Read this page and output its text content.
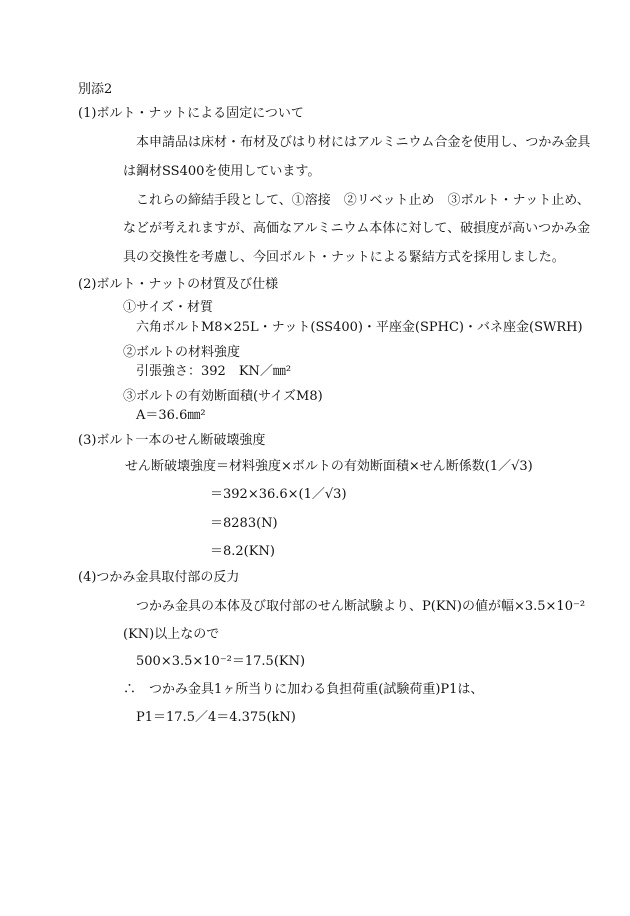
別添2
(1)ボルト・ナットによる固定について
　本申請品は床材・布材及びはり材にはアルミニウム合金を使用し、つかみ金具
は鋼材SS400を使用しています。
　これらの締結手段として、①溶接　②リベット止め　③ボルト・ナット止め、
などが考えれますが、高価なアルミニウム本体に対して、破損度が高いつかみ金
具の交換性を考慮し、今回ボルト・ナットによる緊結方式を採用しました。
(2)ボルト・ナットの材質及び仕様
①サイズ・材質
六角ボルトM8×25L・ナット(SS400)・平座金(SPHC)・バネ座金(SWRH)
②ボルトの材料強度
引張強さ：392　KN／㎜²
③ボルトの有効断面積(サイズM8)
A＝36.6㎜²
(3)ボルト一本のせん断破壊強度
せん断破壊強度＝材料強度×ボルトの有効断面積×せん断係数(1／√3)
＝392×36.6×(1／√3)
＝8283(N)
＝8.2(KN)
(4)つかみ金具取付部の反力
　つかみ金具の本体及び取付部のせん断試験より、P(KN)の値が幅×3.5×10⁻²
(KN)以上なので
500×3.5×10⁻²＝17.5(KN)
∴　つかみ金具1ヶ所当りに加わる負担荷重(試験荷重)P1は、
P1＝17.5／4＝4.375(kN)
